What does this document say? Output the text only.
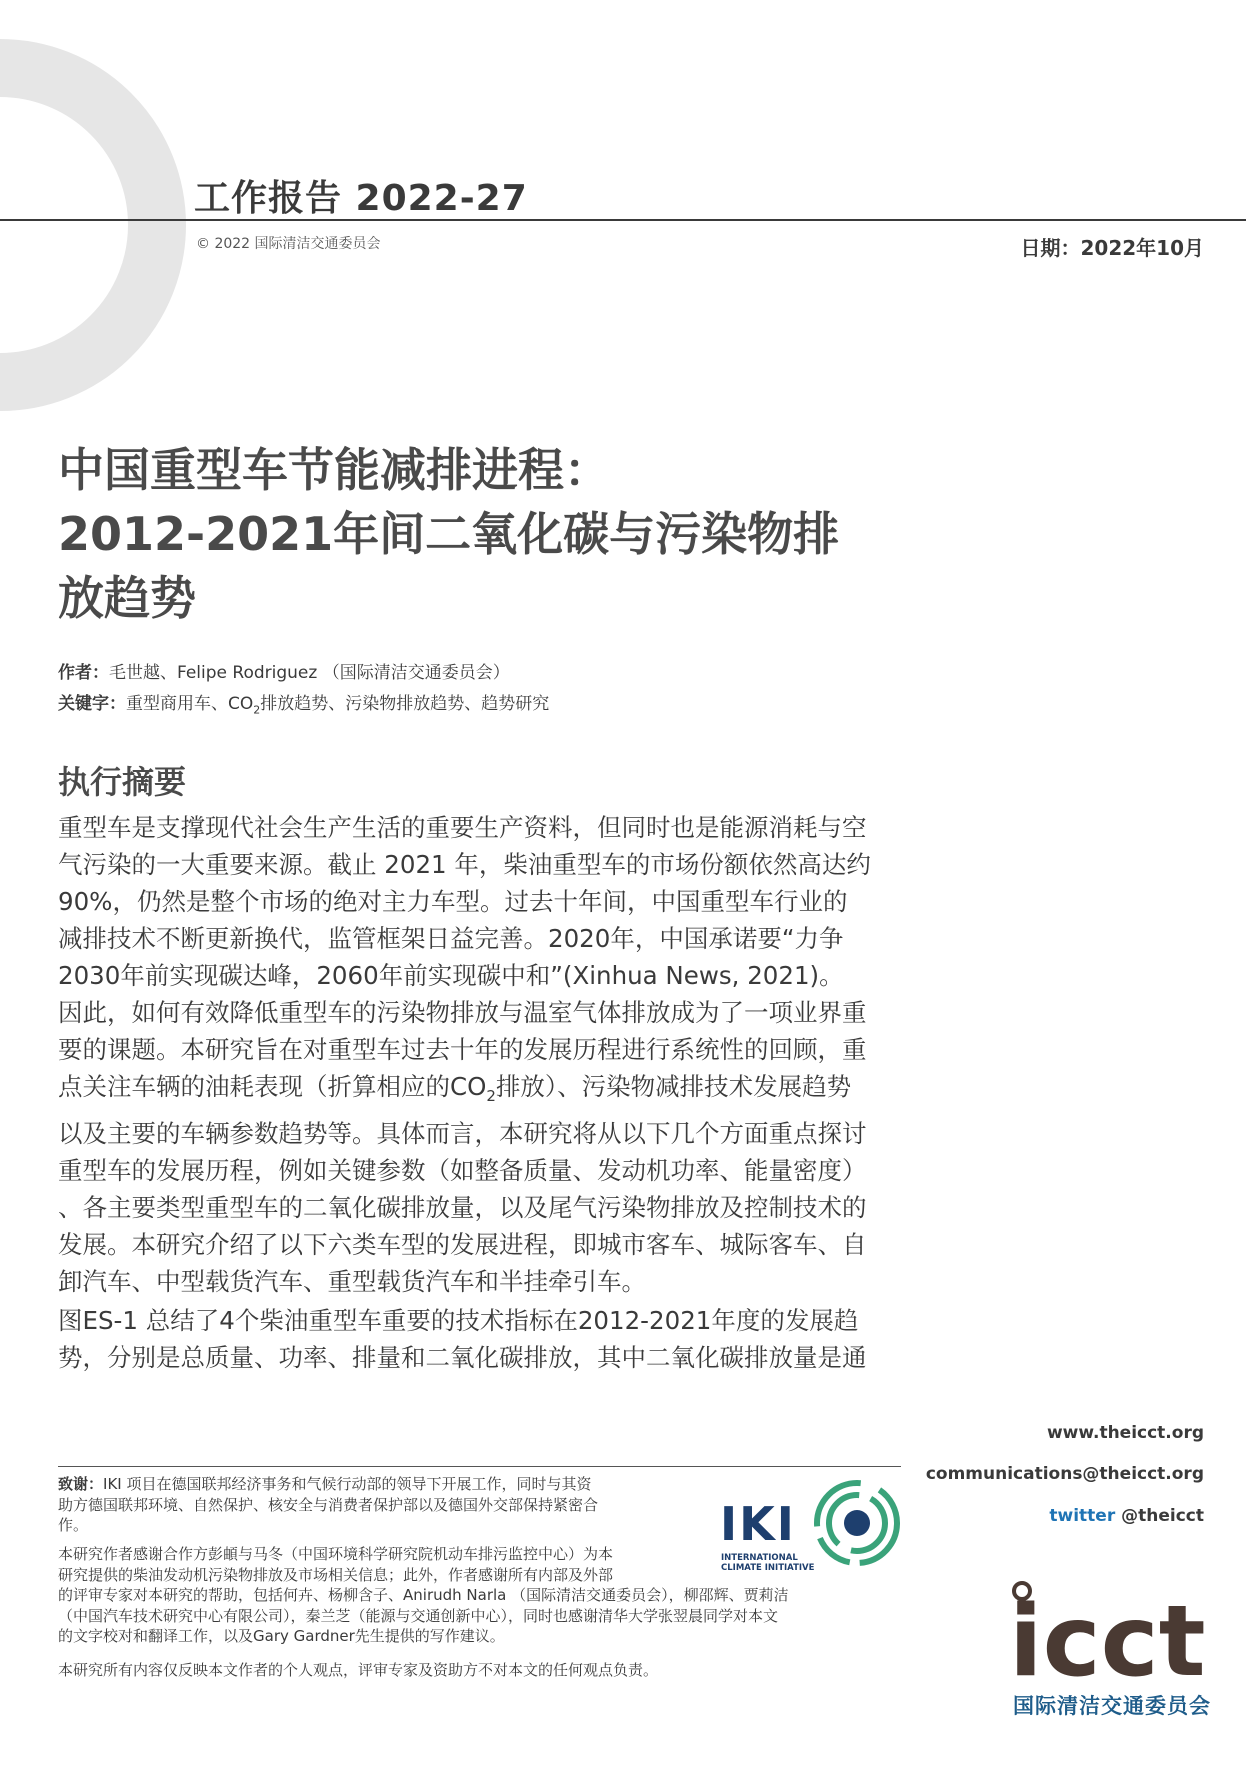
工作报告 2022-27
© 2022 国际清洁交通委员会	日期：2022年10月
中国重型车节能减排进程：
2012-2021年间二氧化碳与污染物排
放趋势
作者：毛世越、Felipe Rodriguez （国际清洁交通委员会）
关键字：重型商用车、$CO_2$排放趋势、污染物排放趋势、趋势研究
执行摘要
重型车是支撑现代社会生产生活的重要生产资料，但同时也是能源消耗与空
气污染的一大重要来源。截止 2021 年，柴油重型车的市场份额依然高达约
90%，仍然是整个市场的绝对主力车型。过去十年间，中国重型车行业的
减排技术不断更新换代，监管框架日益完善。2020年，中国承诺要“力争
2030年前实现碳达峰，2060年前实现碳中和”(Xinhua News, 2021)。
因此，如何有效降低重型车的污染物排放与温室气体排放成为了一项业界重
要的课题。本研究旨在对重型车过去十年的发展历程进行系统性的回顾，重
点关注车辆的油耗表现（折算相应的$CO_2$排放）、污染物减排技术发展趋势
以及主要的车辆参数趋势等。具体而言，本研究将从以下几个方面重点探讨
重型车的发展历程，例如关键参数（如整备质量、发动机功率、能量密度）
、各主要类型重型车的二氧化碳排放量，以及尾气污染物排放及控制技术的
发展。本研究介绍了以下六类车型的发展进程，即城市客车、城际客车、自
卸汽车、中型载货汽车、重型载货汽车和半挂牵引车。
图ES-1 总结了4个柴油重型车重要的技术指标在2012-2021年度的发展趋
势，分别是总质量、功率、排量和二氧化碳排放，其中二氧化碳排放量是通
www.theicct.org
communications@theicct.org
twitter @theicct
致谢：IKI 项目在德国联邦经济事务和气候行动部的领导下开展工作，同时与其资
助方德国联邦环境、自然保护、核安全与消费者保护部以及德国外交部保持紧密合
作。
本研究作者感谢合作方彭頔与马冬（中国环境科学研究院机动车排污监控中心）为本
研究提供的柴油发动机污染物排放及市场相关信息；此外，作者感谢所有内部及外部
的评审专家对本研究的帮助，包括何卉、杨柳含子、Anirudh Narla （国际清洁交通委员会），柳邵辉、贾莉洁
（中国汽车技术研究中心有限公司），秦兰芝（能源与交通创新中心），同时也感谢清华大学张翌晨同学对本文
的文字校对和翻译工作，以及Gary Gardner先生提供的写作建议。
本研究所有内容仅反映本文作者的个人观点，评审专家及资助方不对本文的任何观点负责。
IKI
INTERNATIONAL
CLIMATE INITIATIVE
icct
国际清洁交通委员会
